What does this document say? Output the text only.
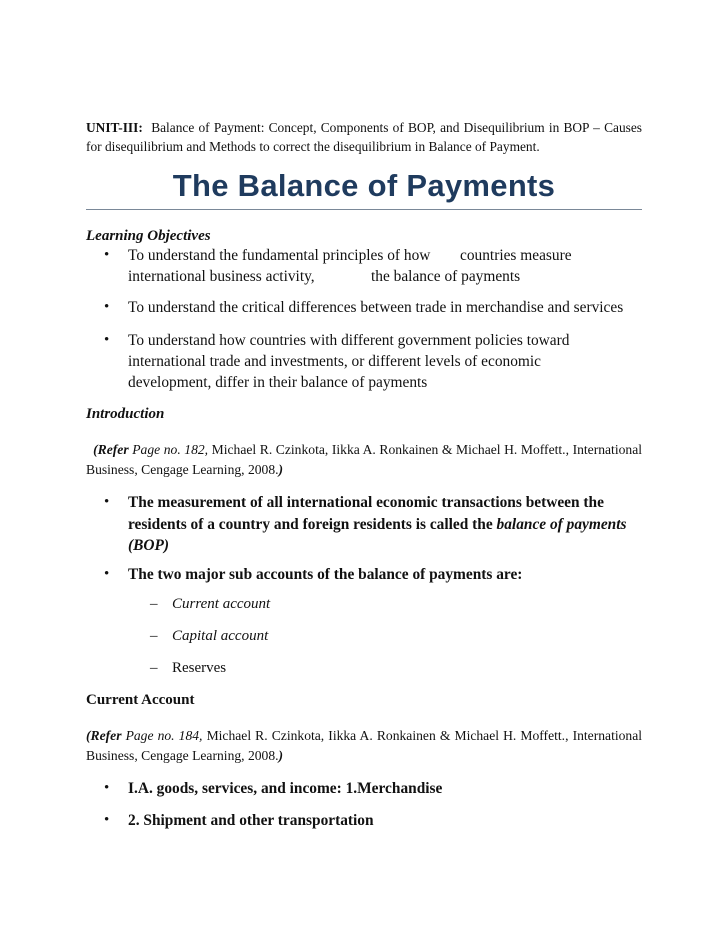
UNIT-III: Balance of Payment: Concept, Components of BOP, and Disequilibrium in BOP – Causes for disequilibrium and Methods to correct the disequilibrium in Balance of Payment.
The Balance of Payments
Learning Objectives
• To understand the fundamental principles of how countries measure
international business activity,	the balance of payments
• To understand the critical differences between trade in merchandise and services
• To understand how countries with different government policies toward
international trade and investments, or different levels of economic
development, differ in their balance of payments
Introduction
(Refer Page no. 182, Michael R. Czinkota, Iikka A. Ronkainen & Michael H. Moffett., International Business, Cengage Learning, 2008.)
• The measurement of all international economic transactions between the
residents of a country and foreign residents is called the balance of payments
(BOP)
• The two major sub accounts of the balance of payments are:
– Current account
– Capital account
– Reserves
Current Account
(Refer Page no. 184, Michael R. Czinkota, Iikka A. Ronkainen & Michael H. Moffett., International Business, Cengage Learning, 2008.)
• I.A. goods, services, and income: 1.Merchandise
• 2. Shipment and other transportation
